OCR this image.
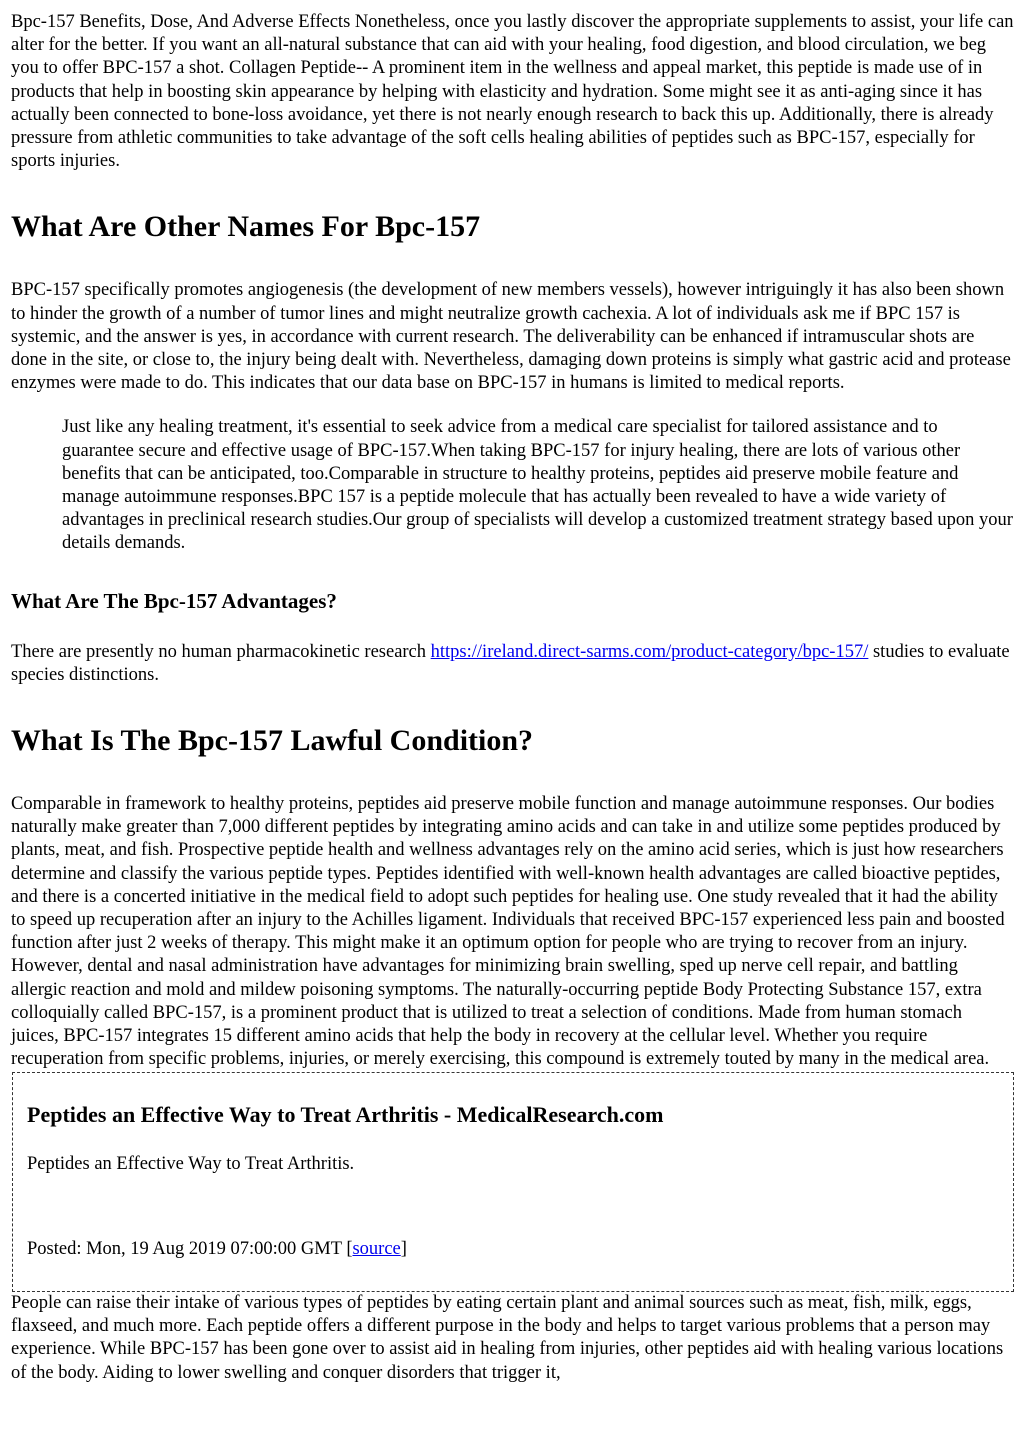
Bpc-157 Benefits, Dose, And Adverse Effects Nonetheless, once you lastly discover the appropriate supplements to assist, your life can alter for the better. If you want an all-natural substance that can aid with your healing, food digestion, and blood circulation, we beg you to offer BPC-157 a shot. Collagen Peptide-- A prominent item in the wellness and appeal market, this peptide is made use of in products that help in boosting skin appearance by helping with elasticity and hydration. Some might see it as anti-aging since it has actually been connected to bone-loss avoidance, yet there is not nearly enough research to back this up. Additionally, there is already pressure from athletic communities to take advantage of the soft cells healing abilities of peptides such as BPC-157, especially for sports injuries.

What Are Other Names For Bpc-157

BPC-157 specifically promotes angiogenesis (the development of new members vessels), however intriguingly it has also been shown to hinder the growth of a number of tumor lines and might neutralize growth cachexia. A lot of individuals ask me if BPC 157 is systemic, and the answer is yes, in accordance with current research. The deliverability can be enhanced if intramuscular shots are done in the site, or close to, the injury being dealt with. Nevertheless, damaging down proteins is simply what gastric acid and protease enzymes were made to do. This indicates that our data base on BPC-157 in humans is limited to medical reports.

Just like any healing treatment, it's essential to seek advice from a medical care specialist for tailored assistance and to guarantee secure and effective usage of BPC-157.When taking BPC-157 for injury healing, there are lots of various other benefits that can be anticipated, too.Comparable in structure to healthy proteins, peptides aid preserve mobile feature and manage autoimmune responses.BPC 157 is a peptide molecule that has actually been revealed to have a wide variety of advantages in preclinical research studies.Our group of specialists will develop a customized treatment strategy based upon your details demands.
What Are The Bpc-157 Advantages?

There are presently no human pharmacokinetic research https://ireland.direct-sarms.com/product-category/bpc-157/ studies to evaluate species distinctions.

What Is The Bpc-157 Lawful Condition?

Comparable in framework to healthy proteins, peptides aid preserve mobile function and manage autoimmune responses. Our bodies naturally make greater than 7,000 different peptides by integrating amino acids and can take in and utilize some peptides produced by plants, meat, and fish. Prospective peptide health and wellness advantages rely on the amino acid series, which is just how researchers determine and classify the various peptide types. Peptides identified with well-known health advantages are called bioactive peptides, and there is a concerted initiative in the medical field to adopt such peptides for healing use. One study revealed that it had the ability to speed up recuperation after an injury to the Achilles ligament. Individuals that received BPC-157 experienced less pain and boosted function after just 2 weeks of therapy. This might make it an optimum option for people who are trying to recover from an injury. However, dental and nasal administration have advantages for minimizing brain swelling, sped up nerve cell repair, and battling allergic reaction and mold and mildew poisoning symptoms. The naturally-occurring peptide Body Protecting Substance 157, extra colloquially called BPC-157, is a prominent product that is utilized to treat a selection of conditions. Made from human stomach juices, BPC-157 integrates 15 different amino acids that help the body in recovery at the cellular level. Whether you require recuperation from specific problems, injuries, or merely exercising, this compound is extremely touted by many in the medical area.

Peptides an Effective Way to Treat Arthritis - MedicalResearch.com
Peptides an Effective Way to Treat Arthritis.
Posted: Mon, 19 Aug 2019 07:00:00 GMT [source]

People can raise their intake of various types of peptides by eating certain plant and animal sources such as meat, fish, milk, eggs, flaxseed, and much more. Each peptide offers a different purpose in the body and helps to target various problems that a person may experience. While BPC-157 has been gone over to assist aid in healing from injuries, other peptides aid with healing various locations of the body. Aiding to lower swelling and conquer disorders that trigger it,
